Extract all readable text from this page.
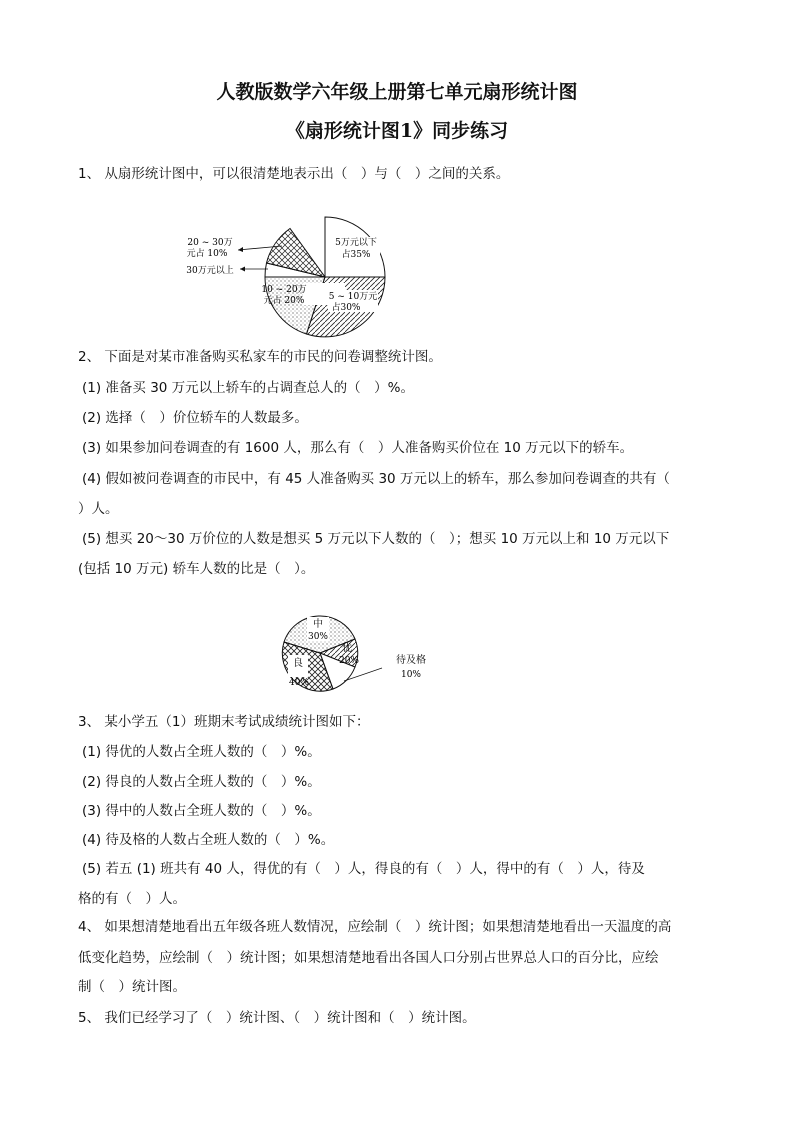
人教版数学六年级上册第七单元扇形统计图
《扇形统计图1》同步练习
1、 从扇形统计图中，可以很清楚地表示出（　）与（　）之间的关系。
5万元以下
占35%
5 ~ 10万元
占30%
10 ~ 20万
元占 20%
20 ~ 30万
元占 10%
30万元以上
2、 下面是对某市准备购买私家车的市民的问卷调整统计图。
(1) 准备买 30 万元以上轿车的占调查总人的（　）%。
(2) 选择（　）价位轿车的人数最多。
(3) 如果参加问卷调查的有 1600 人，那么有（　）人准备购买价位在 10 万元以下的轿车。
(4) 假如被问卷调查的市民中，有 45 人准备购买 30 万元以上的轿车，那么参加问卷调查的共有（
）人。
(5) 想买 20～30 万价位的人数是想买 5 万元以下人数的（　）；想买 10 万元以上和 10 万元以下
(包括 10 万元) 轿车人数的比是（　）。
中
30%
良
40%
优
20%	待及格
10%
3、 某小学五（1）班期末考试成绩统计图如下：
(1) 得优的人数占全班人数的（　）%。
(2) 得良的人数占全班人数的（　）%。
(3) 得中的人数占全班人数的（　）%。
(4) 待及格的人数占全班人数的（　）%。
(5) 若五 (1) 班共有 40 人，得优的有（　）人，得良的有（　）人，得中的有（　）人，待及
格的有（　）人。
4、 如果想清楚地看出五年级各班人数情况，应绘制（　）统计图；如果想清楚地看出一天温度的高
低变化趋势，应绘制（　）统计图；如果想清楚地看出各国人口分别占世界总人口的百分比，应绘
制（　）统计图。
5、 我们已经学习了（　）统计图、（　）统计图和（　）统计图。
